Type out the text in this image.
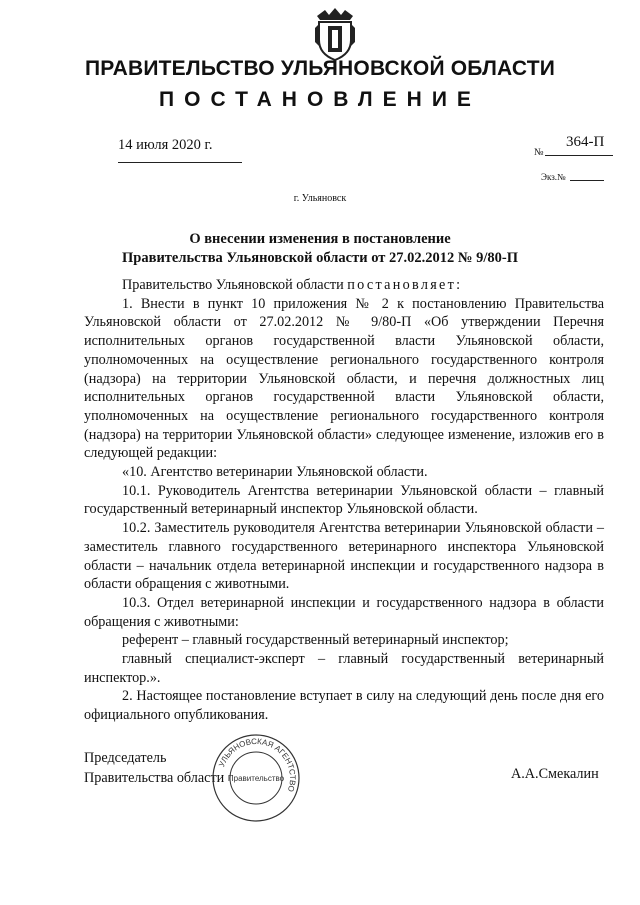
ПРАВИТЕЛЬСТВО УЛЬЯНОВСКОЙ ОБЛАСТИ
ПОСТАНОВЛЕНИЕ
14 июля 2020 г.	№
364-П
Экз.№
г. Ульяновск
О внесении изменения в постановление
Правительства Ульяновской области от 27.02.2012 № 9/80-П

Правительство Ульяновской области постановляет:

1. Внести в пункт 10 приложения № 2 к постановлению Правительства Ульяновской области от 27.02.2012 № 9/80-П «Об утверждении Перечня исполнительных органов государственной власти Ульяновской области, уполномоченных на осуществление регионального государственного контроля (надзора) на территории Ульяновской области, и перечня должностных лиц исполнительных органов государственной власти Ульяновской области, уполномоченных на осуществление регионального государственного контроля (надзора) на территории Ульяновской области» следующее изменение, изложив его в следующей редакции:

«10. Агентство ветеринарии Ульяновской области.

10.1. Руководитель Агентства ветеринарии Ульяновской области – главный государственный ветеринарный инспектор Ульяновской области.

10.2. Заместитель руководителя Агентства ветеринарии Ульяновской области – заместитель главного государственного ветеринарного инспектора Ульяновской области – начальник отдела ветеринарной инспекции и государственного надзора в области обращения с животными.

10.3. Отдел ветеринарной инспекции и государственного надзора в области обращения с животными:

референт – главный государственный ветеринарный инспектор;

главный специалист-эксперт – главный государственный ветеринарный инспектор.».

2. Настоящее постановление вступает в силу на следующий день после дня его официального опубликования.

Председатель
Правительства области	А.А.Смекалин
УЛЬЯНОВСКАЯ АГЕНТСТВО
Правительство
